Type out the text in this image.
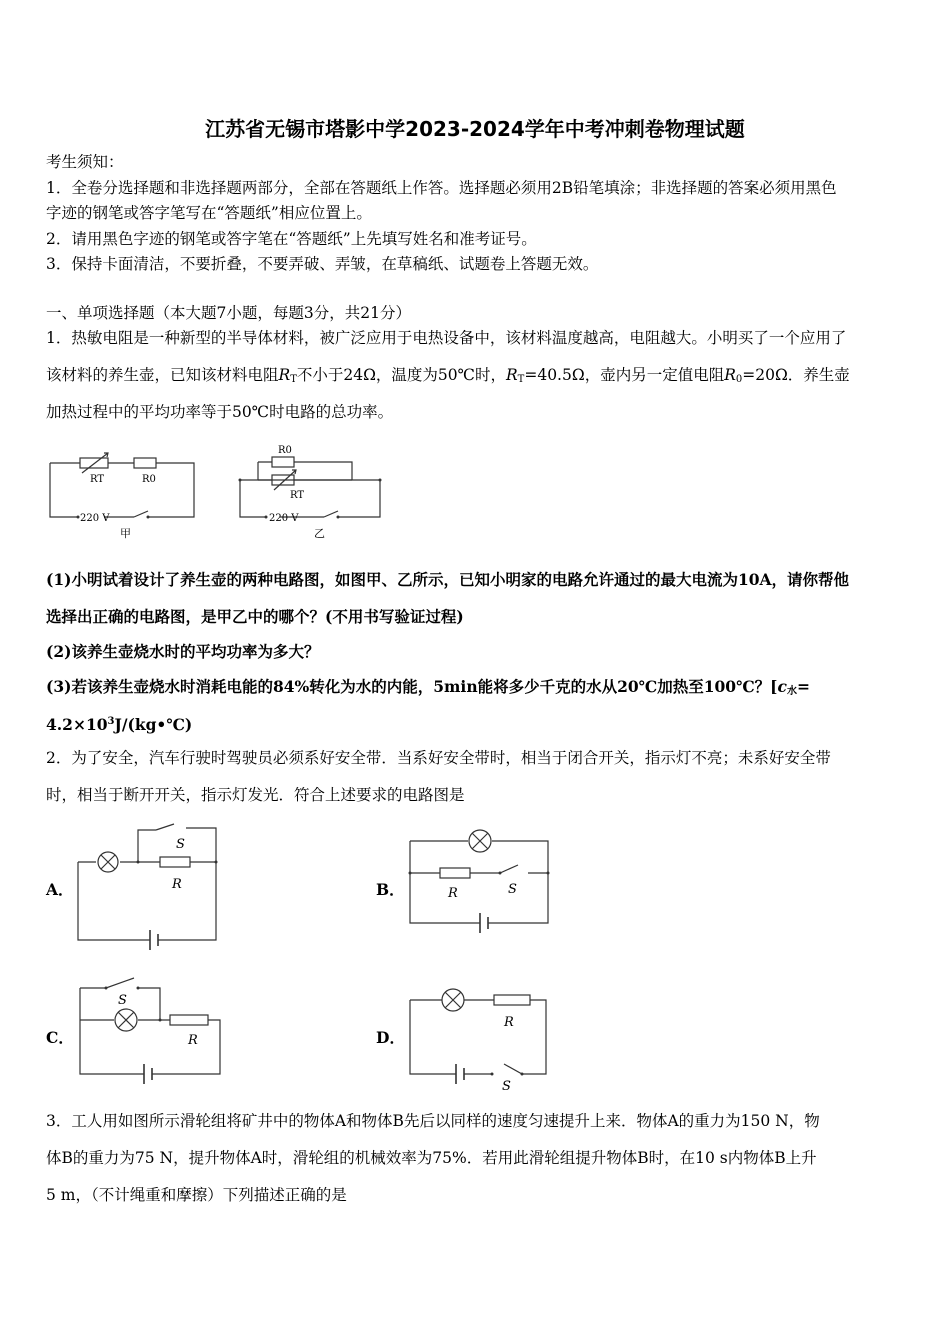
江苏省无锡市塔影中学2023-2024学年中考冲刺卷物理试题
考生须知：
1．全卷分选择题和非选择题两部分，全部在答题纸上作答。选择题必须用2B铅笔填涂；非选择题的答案必须用黑色
字迹的钢笔或答字笔写在“答题纸”相应位置上。
2．请用黑色字迹的钢笔或答字笔在“答题纸”上先填写姓名和准考证号。
3．保持卡面清洁，不要折叠，不要弄破、弄皱，在草稿纸、试题卷上答题无效。
一、单项选择题（本大题7小题，每题3分，共21分）
1．热敏电阻是一种新型的半导体材料，被广泛应用于电热设备中，该材料温度越高，电阻越大。小明买了一个应用了
该材料的养生壶，已知该材料电阻$R_T$不小于24Ω，温度为50℃时，$R_T=40.5\Omega$，壶内另一定值电阻$R_0=20\Omega$．养生壶
加热过程中的平均功率等于50℃时电路的总功率。
RT	R0
220 V
甲
R0
RT
220 V
乙
(1)小明试着设计了养生壶的两种电路图，如图甲、乙所示，已知小明家的电路允许通过的最大电流为10A，请你帮他
选择出正确的电路图，是甲乙中的哪个？(不用书写验证过程)
(2)该养生壶烧水时的平均功率为多大？
(3)若该养生壶烧水时消耗电能的84%转化为水的内能，5min能将多少千克的水从20℃加热至100℃？[$c_水=$
$4.2\times 10^3J/(kg•℃)$
2．为了安全，汽车行驶时驾驶员必须系好安全带．当系好安全带时，相当于闭合开关，指示灯不亮；未系好安全带
时，相当于断开开关，指示灯发光．符合上述要求的电路图是
A．
S
R	B．	R	S
C．
S
R	D．
R
S
3．工人用如图所示滑轮组将矿井中的物体A和物体B先后以同样的速度匀速提升上来．物体A的重力为150 N，物
体B的重力为75 N，提升物体A时，滑轮组的机械效率为75%．若用此滑轮组提升物体B时，在10 s内物体B上升
5 m，（不计绳重和摩擦）下列描述正确的是
